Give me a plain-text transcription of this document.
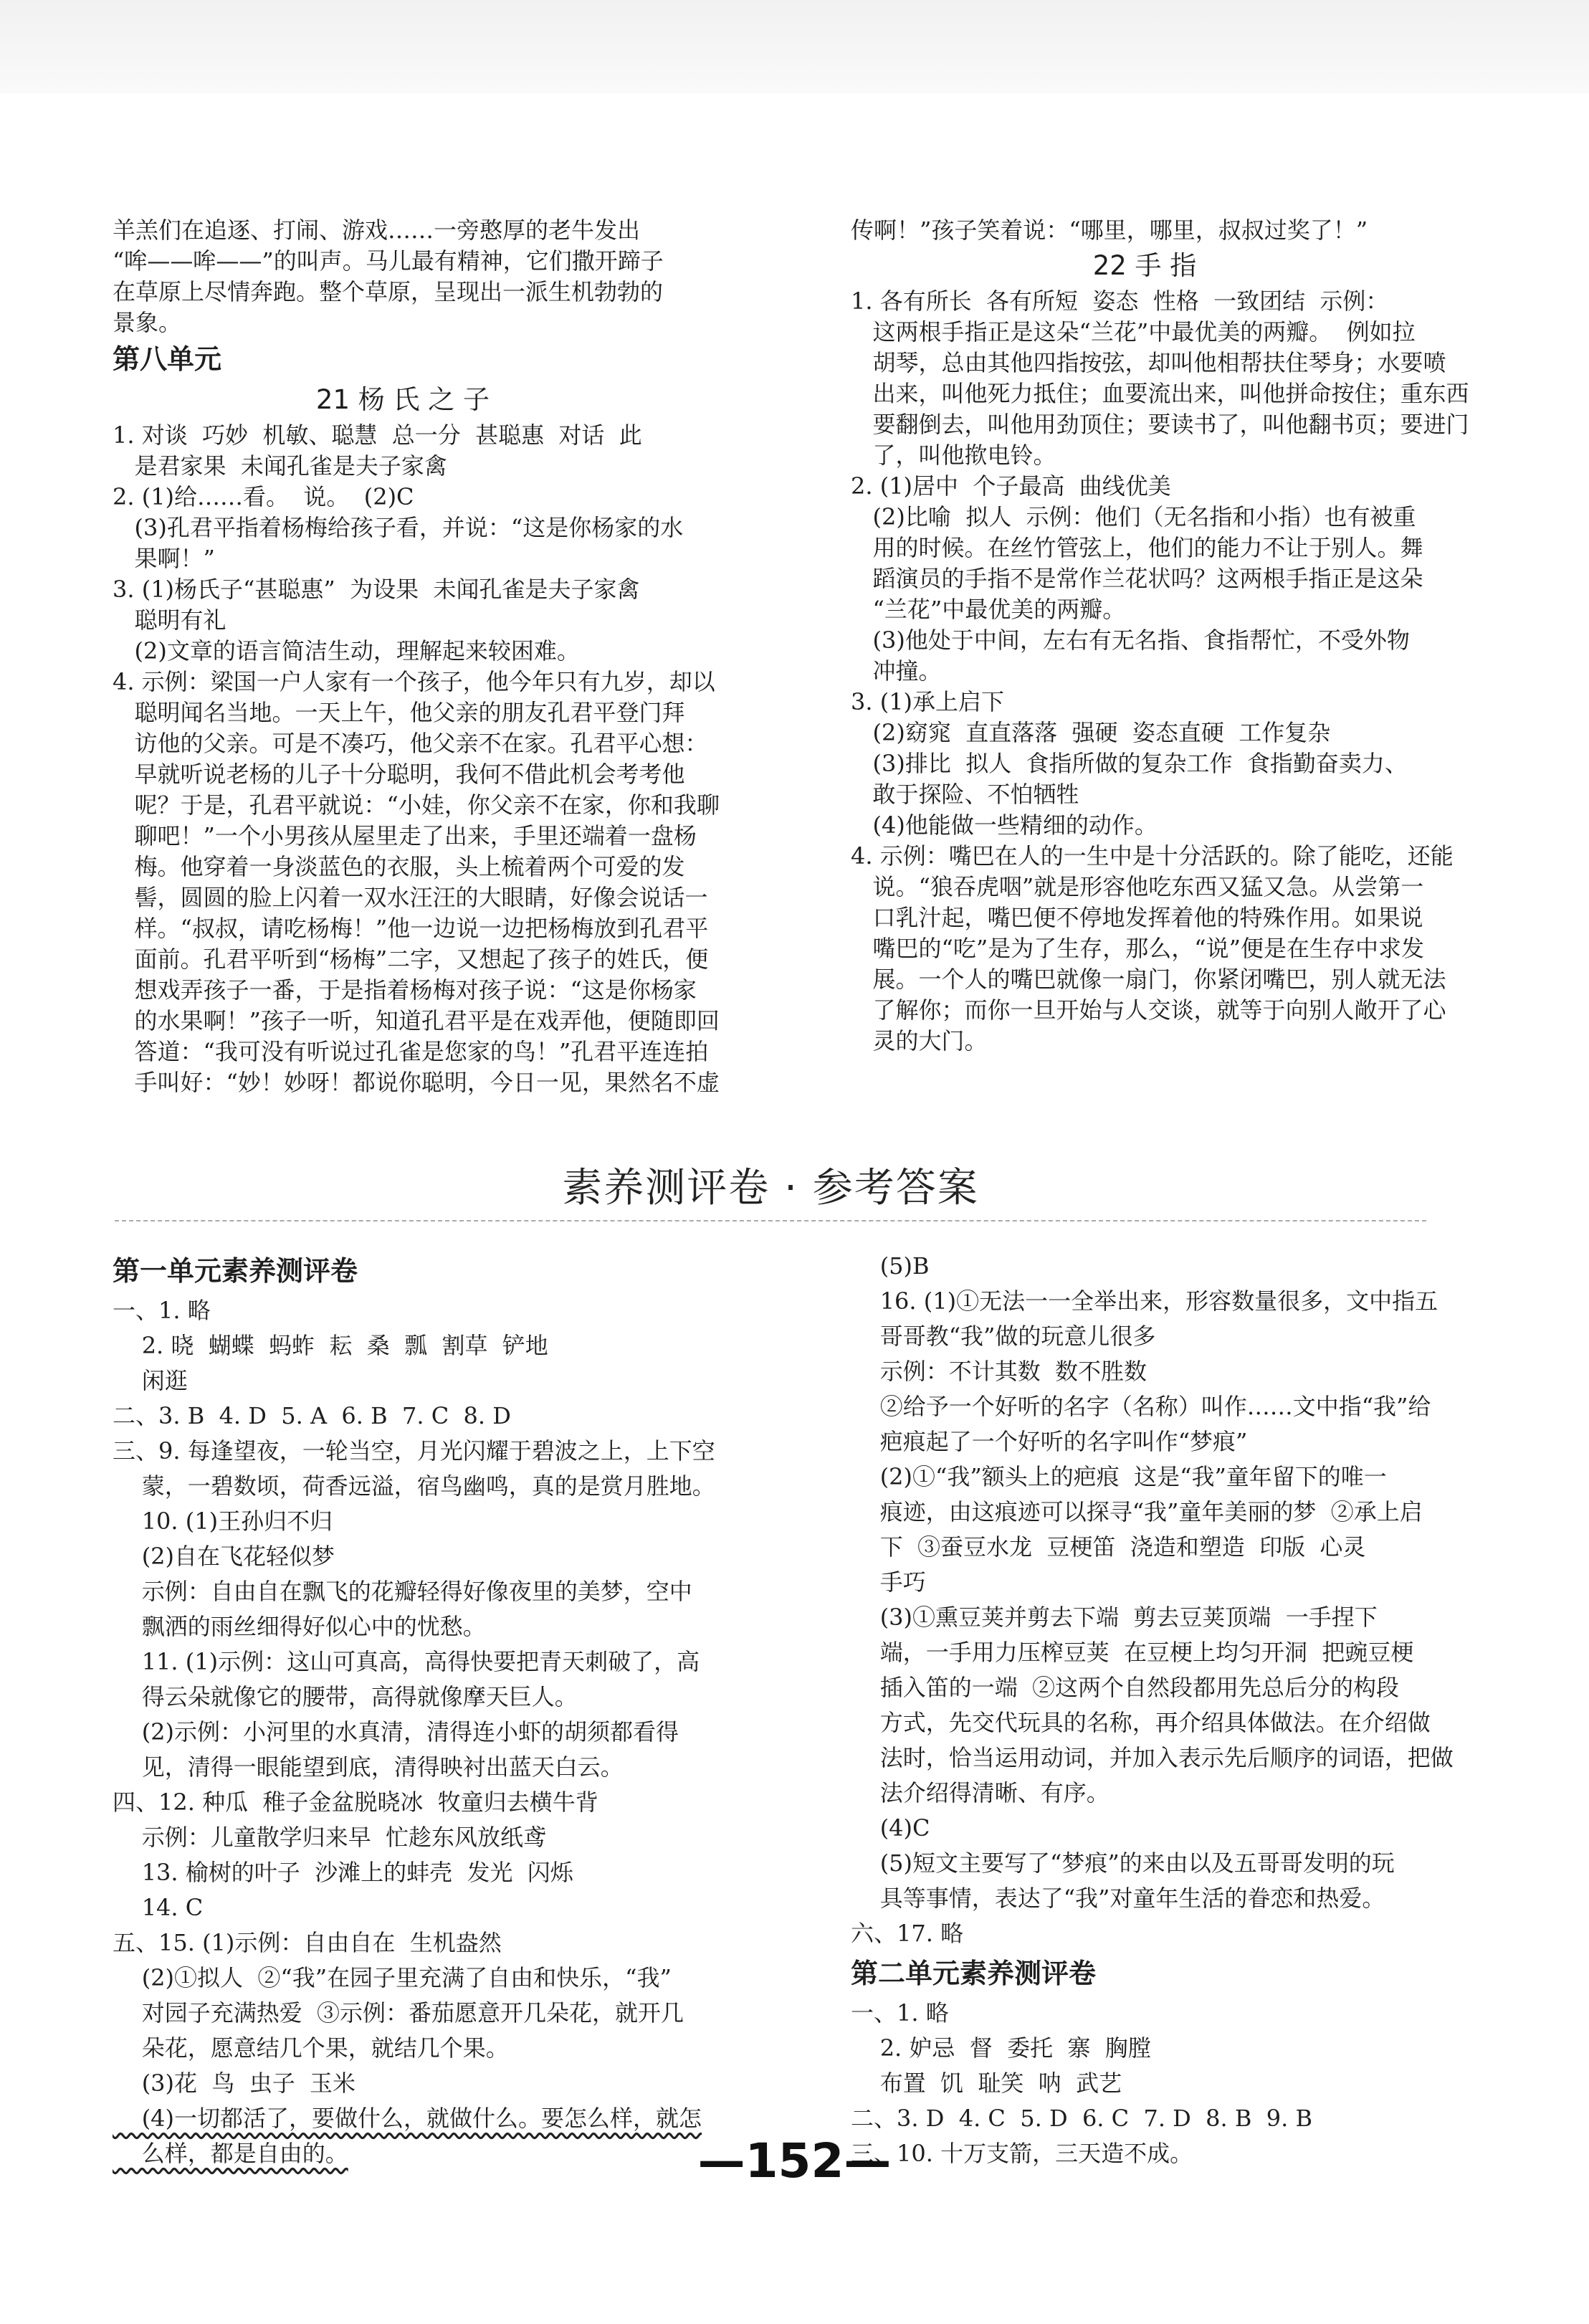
羊羔们在追逐、打闹、游戏……一旁憨厚的老牛发出
“哞——哞——”的叫声。马儿最有精神，它们撒开蹄子
在草原上尽情奔跑。整个草原，呈现出一派生机勃勃的
景象。
第八单元
21 杨 氏 之 子
1. 对谈  巧妙  机敏、聪慧  总一分  甚聪惠  对话  此
是君家果  未闻孔雀是夫子家禽
2. (1)给……看。  说。  (2)C
(3)孔君平指着杨梅给孩子看，并说：“这是你杨家的水
果啊！”
3. (1)杨氏子“甚聪惠”  为设果  未闻孔雀是夫子家禽
聪明有礼
(2)文章的语言简洁生动，理解起来较困难。
4. 示例：梁国一户人家有一个孩子，他今年只有九岁，却以
聪明闻名当地。一天上午，他父亲的朋友孔君平登门拜
访他的父亲。可是不凑巧，他父亲不在家。孔君平心想：
早就听说老杨的儿子十分聪明，我何不借此机会考考他
呢？于是，孔君平就说：“小娃，你父亲不在家，你和我聊
聊吧！”一个小男孩从屋里走了出来，手里还端着一盘杨
梅。他穿着一身淡蓝色的衣服，头上梳着两个可爱的发
髻，圆圆的脸上闪着一双水汪汪的大眼睛，好像会说话一
样。“叔叔，请吃杨梅！”他一边说一边把杨梅放到孔君平
面前。孔君平听到“杨梅”二字，又想起了孩子的姓氏，便
想戏弄孩子一番，于是指着杨梅对孩子说：“这是你杨家
的水果啊！”孩子一听，知道孔君平是在戏弄他，便随即回
答道：“我可没有听说过孔雀是您家的鸟！”孔君平连连拍
手叫好：“妙！妙呀！都说你聪明，今日一见，果然名不虚
传啊！”孩子笑着说：“哪里，哪里，叔叔过奖了！”
22 手 指
1. 各有所长  各有所短  姿态  性格  一致团结  示例：
这两根手指正是这朵“兰花”中最优美的两瓣。  例如拉
胡琴，总由其他四指按弦，却叫他相帮扶住琴身；水要喷
出来，叫他死力抵住；血要流出来，叫他拼命按住；重东西
要翻倒去，叫他用劲顶住；要读书了，叫他翻书页；要进门
了，叫他揿电铃。
2. (1)居中  个子最高  曲线优美
(2)比喻  拟人  示例：他们（无名指和小指）也有被重
用的时候。在丝竹管弦上，他们的能力不让于别人。舞
蹈演员的手指不是常作兰花状吗？这两根手指正是这朵
“兰花”中最优美的两瓣。
(3)他处于中间，左右有无名指、食指帮忙，不受外物
冲撞。
3. (1)承上启下
(2)窈窕  直直落落  强硬  姿态直硬  工作复杂
(3)排比  拟人  食指所做的复杂工作  食指勤奋卖力、
敢于探险、不怕牺牲
(4)他能做一些精细的动作。
4. 示例：嘴巴在人的一生中是十分活跃的。除了能吃，还能
说。“狼吞虎咽”就是形容他吃东西又猛又急。从尝第一
口乳汁起，嘴巴便不停地发挥着他的特殊作用。如果说
嘴巴的“吃”是为了生存，那么，“说”便是在生存中求发
展。一个人的嘴巴就像一扇门，你紧闭嘴巴，别人就无法
了解你；而你一旦开始与人交谈，就等于向别人敞开了心
灵的大门。
素养测评卷 · 参考答案
第一单元素养测评卷
一、1. 略
2. 晓  蝴蝶  蚂蚱  耘  桑  瓢  割草  铲地
闲逛
二、3. B  4. D  5. A  6. B  7. C  8. D
三、9. 每逢望夜，一轮当空，月光闪耀于碧波之上，上下空
蒙，一碧数顷，荷香远溢，宿鸟幽鸣，真的是赏月胜地。
10. (1)王孙归不归
(2)自在飞花轻似梦
示例：自由自在飘飞的花瓣轻得好像夜里的美梦，空中
飘洒的雨丝细得好似心中的忧愁。
11. (1)示例：这山可真高，高得快要把青天刺破了，高
得云朵就像它的腰带，高得就像摩天巨人。
(2)示例：小河里的水真清，清得连小虾的胡须都看得
见，清得一眼能望到底，清得映衬出蓝天白云。
四、12. 种瓜  稚子金盆脱晓冰  牧童归去横牛背
示例：儿童散学归来早  忙趁东风放纸鸢
13. 榆树的叶子  沙滩上的蚌壳  发光  闪烁
14. C
五、15. (1)示例：自由自在  生机盎然
(2)①拟人  ②“我”在园子里充满了自由和快乐，“我”
对园子充满热爱  ③示例：番茄愿意开几朵花，就开几
朵花，愿意结几个果，就结几个果。
(3)花  鸟  虫子  玉米
(4)一切都活了，要做什么，就做什么。要怎么样，就怎
么样，都是自由的。
(5)B
16. (1)①无法一一全举出来，形容数量很多，文中指五
哥哥教“我”做的玩意儿很多
示例：不计其数  数不胜数
②给予一个好听的名字（名称）叫作……文中指“我”给
疤痕起了一个好听的名字叫作“梦痕”
(2)①“我”额头上的疤痕  这是“我”童年留下的唯一
痕迹，由这痕迹可以探寻“我”童年美丽的梦  ②承上启
下  ③蚕豆水龙  豆梗笛  浇造和塑造  印版  心灵
手巧
(3)①熏豆荚并剪去下端  剪去豆荚顶端  一手捏下
端，一手用力压榨豆荚  在豆梗上均匀开洞  把豌豆梗
插入笛的一端  ②这两个自然段都用先总后分的构段
方式，先交代玩具的名称，再介绍具体做法。在介绍做
法时，恰当运用动词，并加入表示先后顺序的词语，把做
法介绍得清晰、有序。
(4)C
(5)短文主要写了“梦痕”的来由以及五哥哥发明的玩
具等事情，表达了“我”对童年生活的眷恋和热爱。
六、17. 略
第二单元素养测评卷
一、1. 略
2. 妒忌  督  委托  寨  胸膛
布置  饥  耻笑  呐  武艺
二、3. D  4. C  5. D  6. C  7. D  8. B  9. B
三、10. 十万支箭，三天造不成。
—152—
